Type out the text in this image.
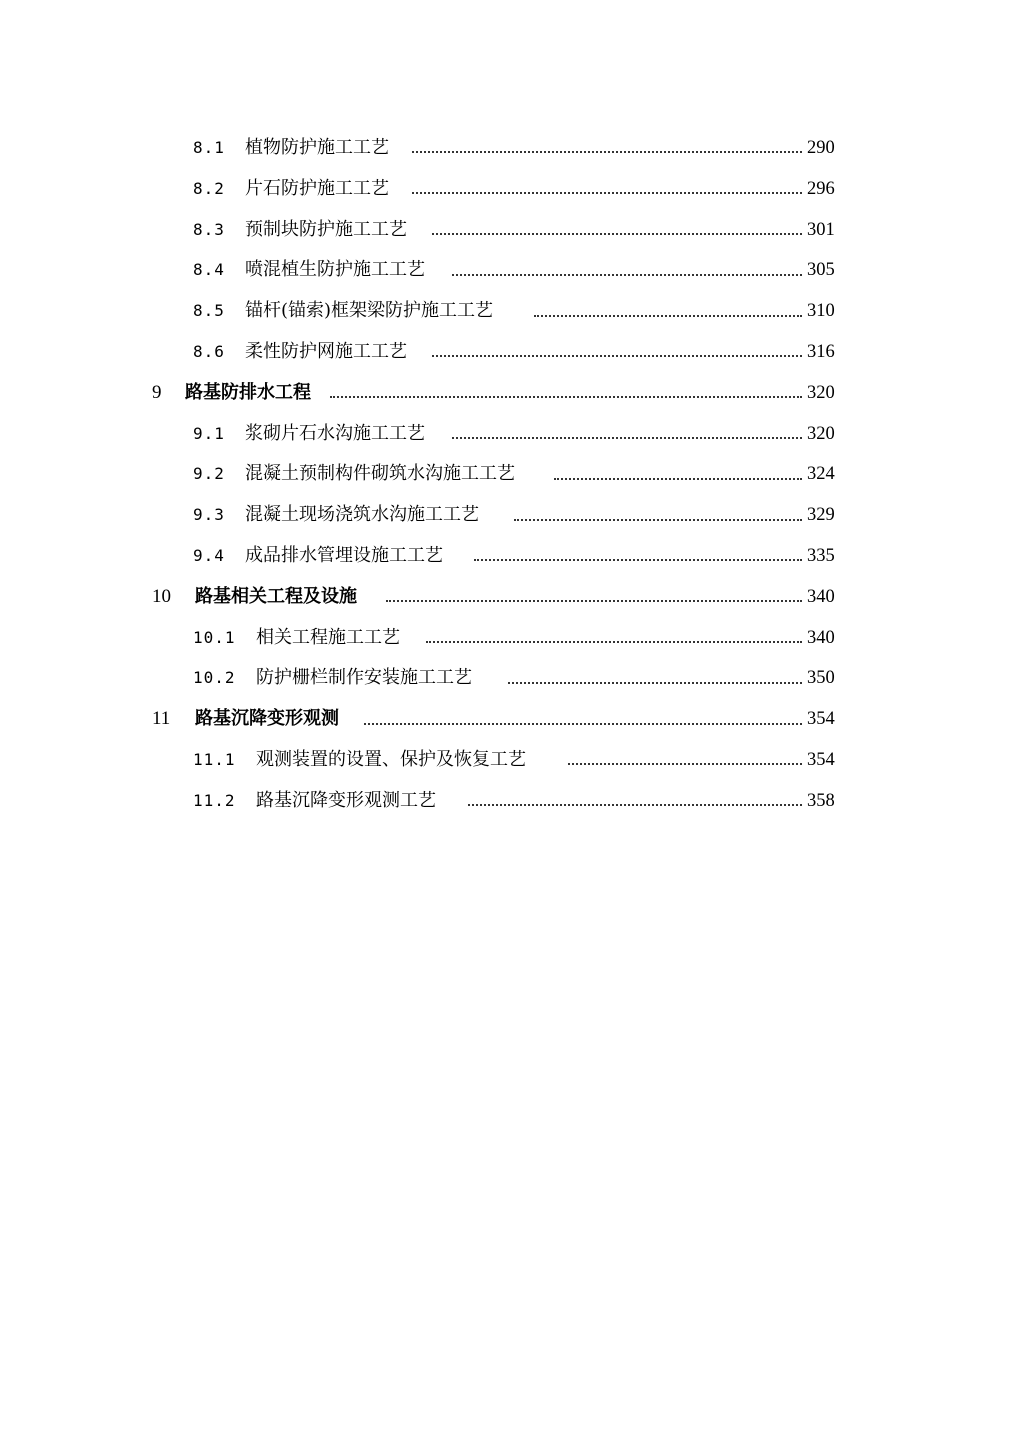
8.1 植物防护施工工艺	290
8.2 片石防护施工工艺	296
8.3 预制块防护施工工艺	301
8.4 喷混植生防护施工工艺	305
8.5 锚杆(锚索)框架梁防护施工工艺	310
8.6 柔性防护网施工工艺	316
9 路基防排水工程	320
9.1 浆砌片石水沟施工工艺	320
9.2 混凝土预制构件砌筑水沟施工工艺	324
9.3 混凝土现场浇筑水沟施工工艺	329
9.4 成品排水管埋设施工工艺	335
10 路基相关工程及设施	340
10.1 相关工程施工工艺	340
10.2 防护栅栏制作安装施工工艺	350
11 路基沉降变形观测	354
11.1 观测装置的设置、保护及恢复工艺	354
11.2 路基沉降变形观测工艺	358
